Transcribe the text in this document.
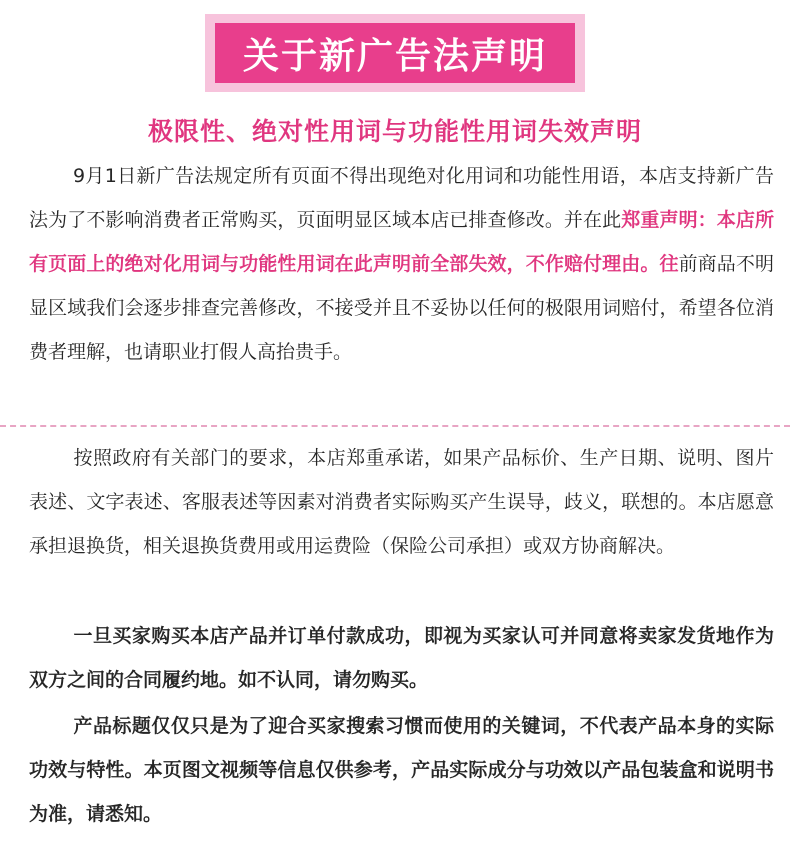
关于新广告法声明
极限性、绝对性用词与功能性用词失效声明

9月1日新广告法规定所有页面不得出现绝对化用词和功能性用语，本店支持新广告法为了不影响消费者正常购买，页面明显区域本店已排查修改。并在此郑重声明：本店所有页面上的绝对化用词与功能性用词在此声明前全部失效，不作赔付理由。往前商品不明显区域我们会逐步排查完善修改，不接受并且不妥协以任何的极限用词赔付，希望各位消费者理解，也请职业打假人高抬贵手。

按照政府有关部门的要求，本店郑重承诺，如果产品标价、生产日期、说明、图片表述、文字表述、客服表述等因素对消费者实际购买产生误导，歧义，联想的。本店愿意承担退换货，相关退换货费用或用运费险（保险公司承担）或双方协商解决。

一旦买家购买本店产品并订单付款成功，即视为买家认可并同意将卖家发货地作为双方之间的合同履约地。如不认同，请勿购买。

产品标题仅仅只是为了迎合买家搜索习惯而使用的关键词，不代表产品本身的实际功效与特性。本页图文视频等信息仅供参考，产品实际成分与功效以产品包装盒和说明书为准，请悉知。
